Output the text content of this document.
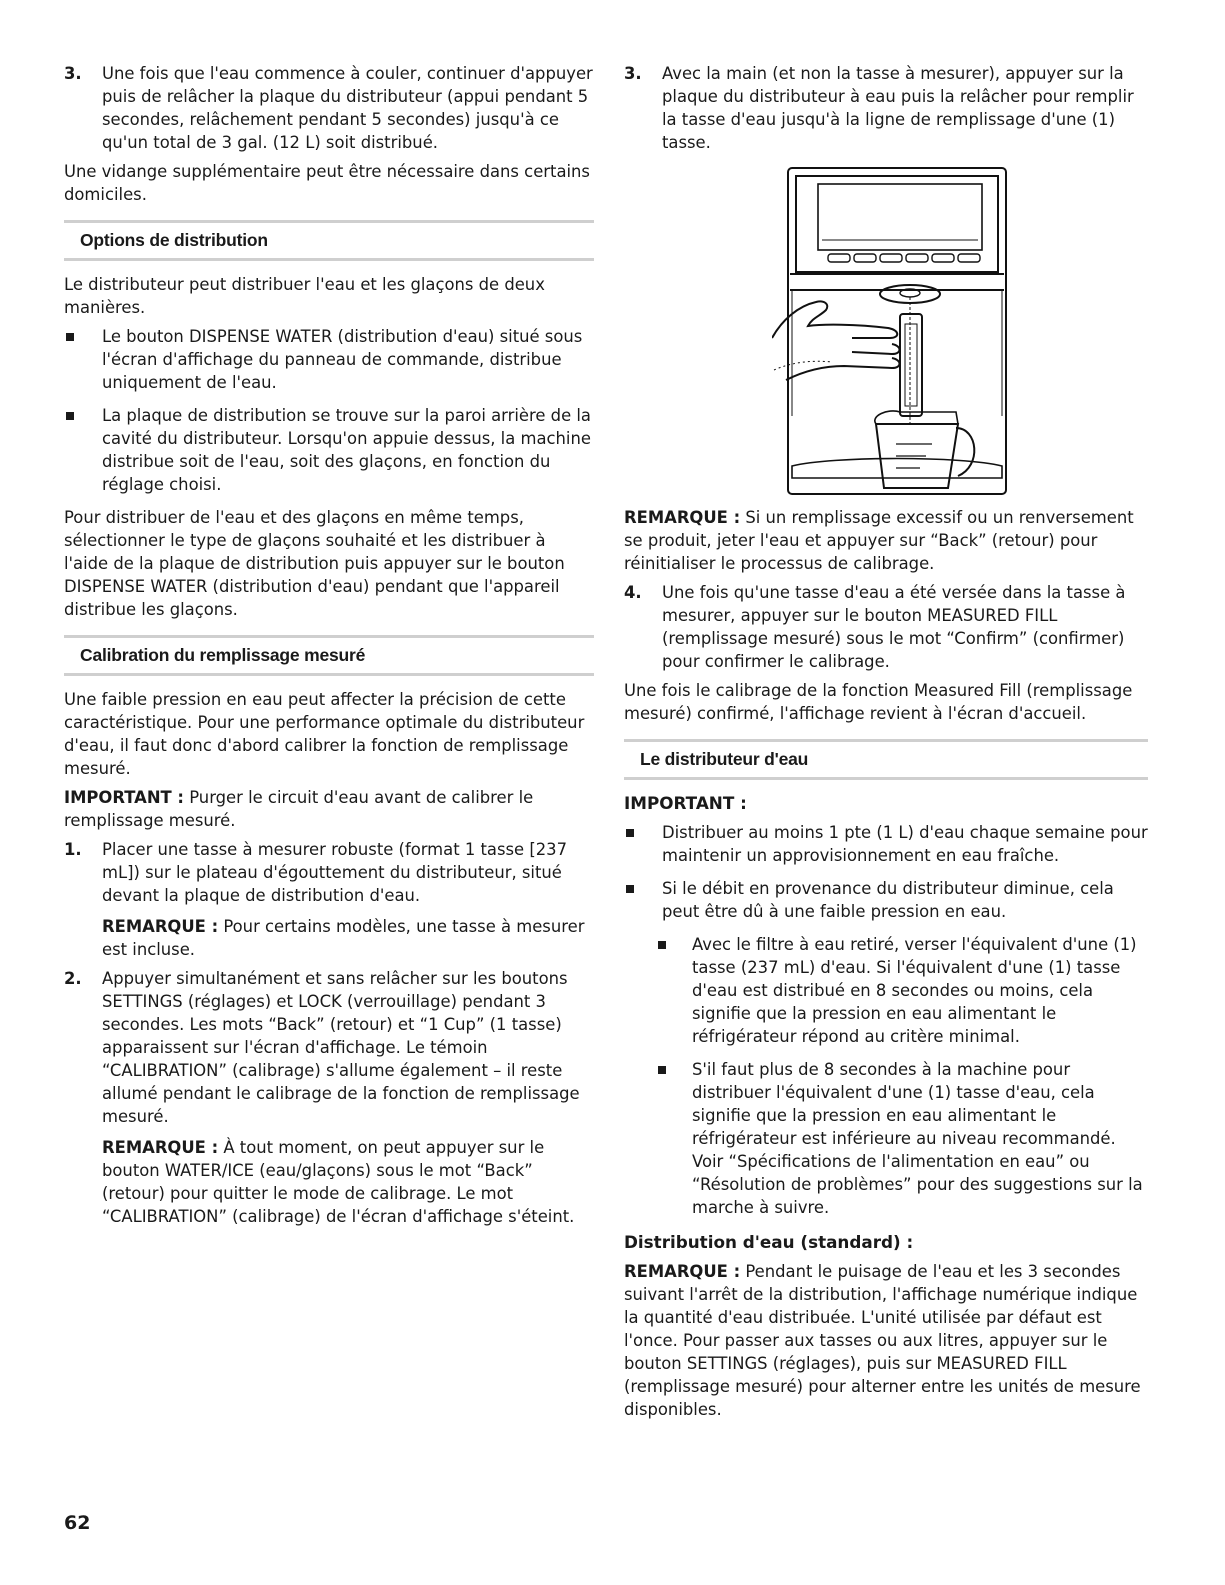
3. Une fois que l'eau commence à couler, continuer d'appuyer puis de relâcher la plaque du distributeur (appui pendant 5 secondes, relâchement pendant 5 secondes) jusqu'à ce qu'un total de 3 gal. (12 L) soit distribué.

Une vidange supplémentaire peut être nécessaire dans certains domiciles.

Options de distribution

Le distributeur peut distribuer l'eau et les glaçons de deux manières.

Le bouton DISPENSE WATER (distribution d'eau) situé sous l'écran d'affichage du panneau de commande, distribue uniquement de l'eau.
La plaque de distribution se trouve sur la paroi arrière de la cavité du distributeur. Lorsqu'on appuie dessus, la machine distribue soit de l'eau, soit des glaçons, en fonction du réglage choisi.

Pour distribuer de l'eau et des glaçons en même temps, sélectionner le type de glaçons souhaité et les distribuer à l'aide de la plaque de distribution puis appuyer sur le bouton DISPENSE WATER (distribution d'eau) pendant que l'appareil distribue les glaçons.

Calibration du remplissage mesuré

Une faible pression en eau peut affecter la précision de cette caractéristique. Pour une performance optimale du distributeur d'eau, il faut donc d'abord calibrer la fonction de remplissage mesuré.

IMPORTANT : Purger le circuit d'eau avant de calibrer le remplissage mesuré.

1. Placer une tasse à mesurer robuste (format 1 tasse [237 mL]) sur le plateau d'égouttement du distributeur, situé devant la plaque de distribution d'eau.
REMARQUE : Pour certains modèles, une tasse à mesurer est incluse.
2. Appuyer simultanément et sans relâcher sur les boutons SETTINGS (réglages) et LOCK (verrouillage) pendant 3 secondes. Les mots “Back” (retour) et “1 Cup” (1 tasse) apparaissent sur l'écran d'affichage. Le témoin “CALIBRATION” (calibrage) s'allume également – il reste allumé pendant le calibrage de la fonction de remplissage mesuré.
REMARQUE : À tout moment, on peut appuyer sur le bouton WATER/ICE (eau/glaçons) sous le mot “Back” (retour) pour quitter le mode de calibrage. Le mot “CALIBRATION” (calibrage) de l'écran d'affichage s'éteint.
3. Avec la main (et non la tasse à mesurer), appuyer sur la plaque du distributeur à eau puis la relâcher pour remplir la tasse d'eau jusqu'à la ligne de remplissage d'une (1) tasse.

REMARQUE : Si un remplissage excessif ou un renversement se produit, jeter l'eau et appuyer sur “Back” (retour) pour réinitialiser le processus de calibrage.

4. Une fois qu'une tasse d'eau a été versée dans la tasse à mesurer, appuyer sur le bouton MEASURED FILL (remplissage mesuré) sous le mot “Confirm” (confirmer) pour confirmer le calibrage.

Une fois le calibrage de la fonction Measured Fill (remplissage mesuré) confirmé, l'affichage revient à l'écran d'accueil.

Le distributeur d'eau

IMPORTANT :

Distribuer au moins 1 pte (1 L) d'eau chaque semaine pour maintenir un approvisionnement en eau fraîche.
Si le débit en provenance du distributeur diminue, cela peut être dû à une faible pression en eau.
Avec le filtre à eau retiré, verser l'équivalent d'une (1) tasse (237 mL) d'eau. Si l'équivalent d'une (1) tasse d'eau est distribué en 8 secondes ou moins, cela signifie que la pression en eau alimentant le réfrigérateur répond au critère minimal.
S'il faut plus de 8 secondes à la machine pour distribuer l'équivalent d'une (1) tasse d'eau, cela signifie que la pression en eau alimentant le réfrigérateur est inférieure au niveau recommandé. Voir “Spécifications de l'alimentation en eau” ou “Résolution de problèmes” pour des suggestions sur la marche à suivre.

Distribution d'eau (standard) :

REMARQUE : Pendant le puisage de l'eau et les 3 secondes suivant l'arrêt de la distribution, l'affichage numérique indique la quantité d'eau distribuée. L'unité utilisée par défaut est l'once. Pour passer aux tasses ou aux litres, appuyer sur le bouton SETTINGS (réglages), puis sur MEASURED FILL (remplissage mesuré) pour alterner entre les unités de mesure disponibles.

62
